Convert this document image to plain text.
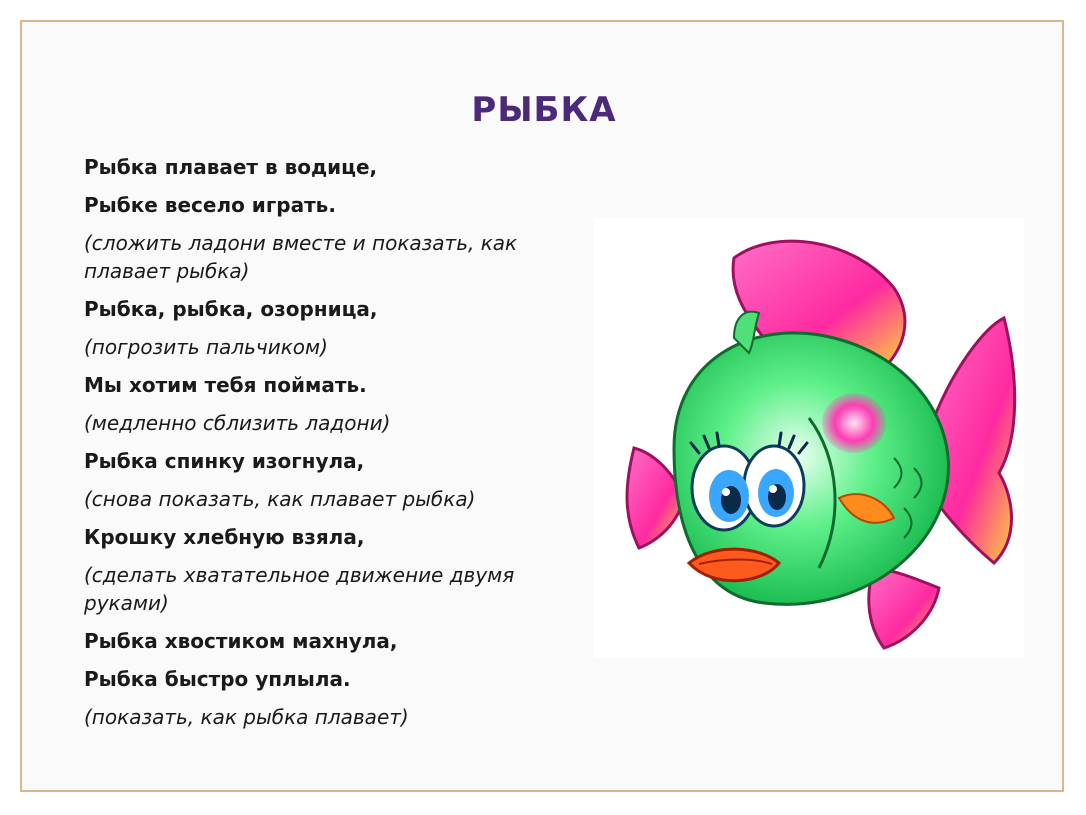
РЫБКА
Рыбка плавает в водице,
Рыбке весело играть.
(сложить ладони вместе и показать, как плавает рыбка)
Рыбка, рыбка, озорница,
(погрозить пальчиком)
Мы хотим тебя поймать.
(медленно сблизить ладони)
Рыбка спинку изогнула,
(снова показать, как плавает рыбка)
Крошку хлебную взяла,
(сделать хватательное движение двумя руками)
Рыбка хвостиком махнула,
Рыбка быстро уплыла.
(показать, как рыбка плавает)
